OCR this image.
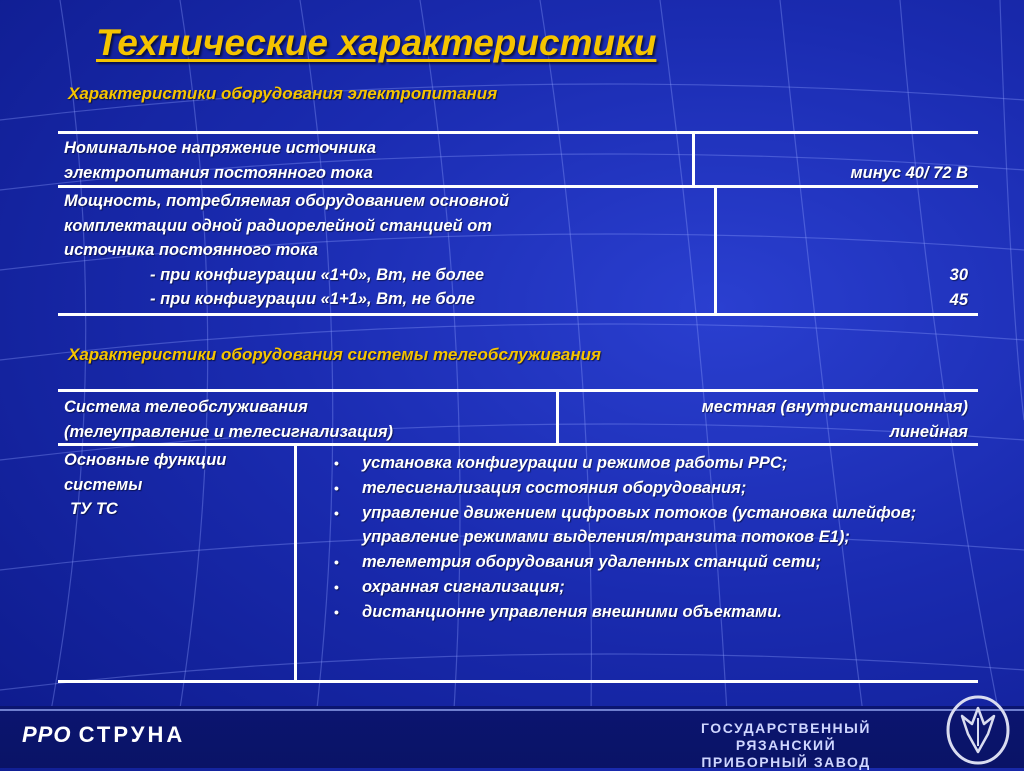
Технические характеристики
Характеристики оборудования электропитания
Номинальное напряжение источника
электропитания постоянного тока	минус 40/ 72 В
Мощность, потребляемая оборудованием основной
комплектации одной радиорелейной станцией от
источника постоянного тока
- при конфигурации «1+0», Вт, не более
- при конфигурации «1+1», Вт, не боле
30
45
Характеристики оборудования системы телеобслуживания
Система телеобслуживания
(телеуправление и телесигнализация)
местная (внутристанционная)
линейная
Основные функции
системы
ТУ ТС
• установка конфигурации и режимов работы РРС;
• телесигнализация состояния оборудования;
• управление движением цифровых потоков (установка шлейфов; управление режимами выделения/транзита потоков Е1);
• телеметрия оборудования удаленных станций сети;
• охранная сигнализация;
• дистанционне управления внешними объектами.
РРО СТРУНА	ГОСУДАРСТВЕННЫЙ РЯЗАНСКИЙ
ПРИБОРНЫЙ ЗАВОД
